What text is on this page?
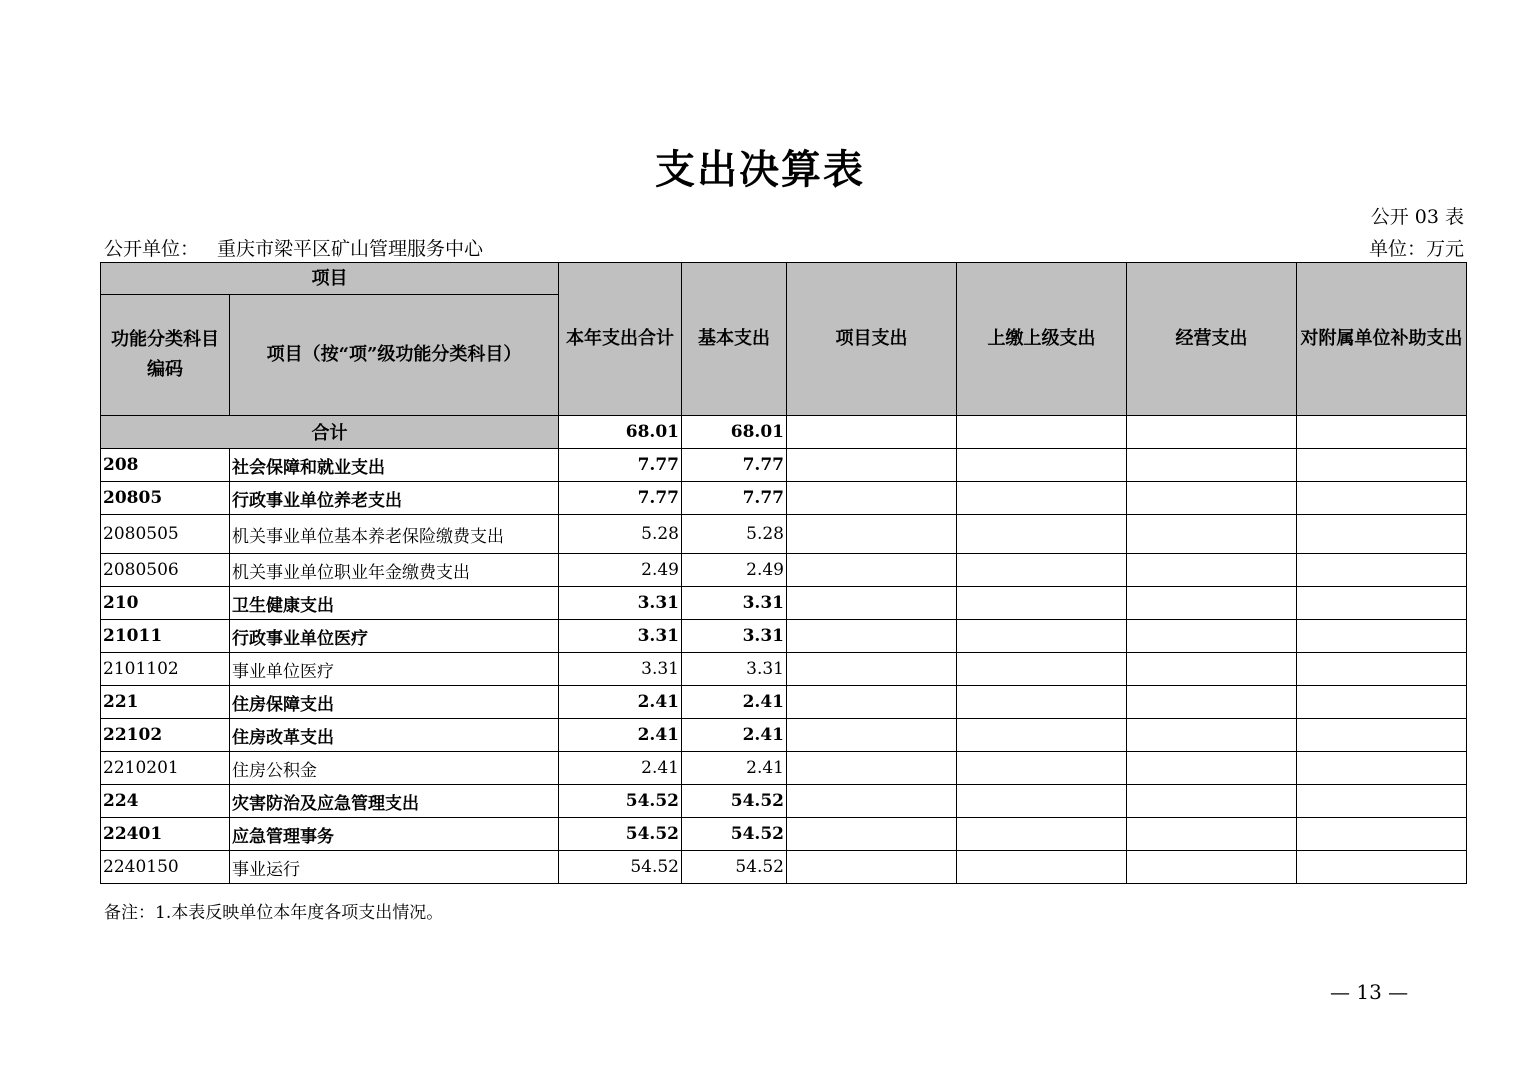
支出决算表
公开 03 表
公开单位： 重庆市梁平区矿山管理服务中心	单位：万元
项目		本年支出合计	基本支出	项目支出	上缴上级支出	经营支出	对附属单位补助支出
功能分类科目编码	项目（按“项”级功能分类科目）						
合计		68.01	68.01				
208	社会保障和就业支出	7.77	7.77				
20805	行政事业单位养老支出	7.77	7.77				
2080505	机关事业单位基本养老保险缴费支出	5.28	5.28				
2080506	机关事业单位职业年金缴费支出	2.49	2.49				
210	卫生健康支出	3.31	3.31				
21011	行政事业单位医疗	3.31	3.31				
2101102	事业单位医疗	3.31	3.31				
221	住房保障支出	2.41	2.41				
22102	住房改革支出	2.41	2.41				
2210201	住房公积金	2.41	2.41				
224	灾害防治及应急管理支出	54.52	54.52				
22401	应急管理事务	54.52	54.52				
2240150	事业运行	54.52	54.52				
备注：1.本表反映单位本年度各项支出情况。
— 13 —
